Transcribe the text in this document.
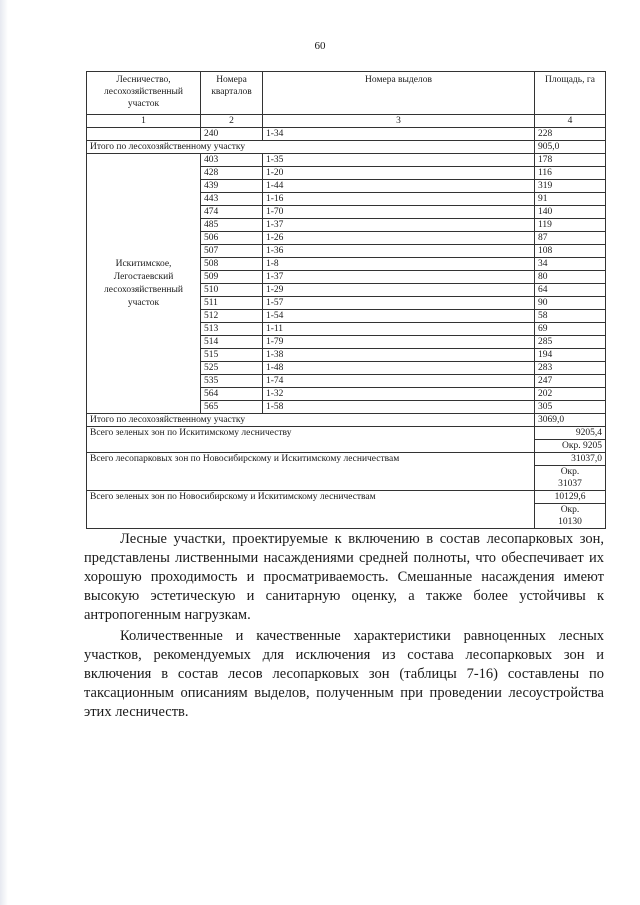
60
Лесничество, лесохозяйственный участок	Номера кварталов	Номера выделов	Площадь, га
1	2	3	4
	240	1-34	228
Итого по лесохозяйственному участку			905,0
Искитимское, Легостаевский лесохозяйственный участок	403	1-35	178
	428	1-20	116
	439	1-44	319
	443	1-16	91
	474	1-70	140
	485	1-37	119
	506	1-26	87
	507	1-36	108
	508	1-8	34
	509	1-37	80
	510	1-29	64
	511	1-57	90
	512	1-54	58
	513	1-11	69
	514	1-79	285
	515	1-38	194
	525	1-48	283
	535	1-74	247
	564	1-32	202
	565	1-58	305
Итого по лесохозяйственному участку			3069,0
Всего зеленых зон по Искитимскому лесничеству			9205,4
			Окр. 9205
Всего лесопарковых зон по Новосибирскому и Искитимскому лесничествам			31037,0
			Окр.
31037
Всего зеленых зон по Новосибирскому и Искитимскому лесничествам			10129,6
			Окр.
10130
Лесные участки, проектируемые к включению в состав лесопарковых зон, представлены лиственными насаждениями средней полноты, что обеспечивает их хорошую проходимость и просматриваемость. Смешанные насаждения имеют высокую эстетическую и санитарную оценку, а также более устойчивы к антропогенным нагрузкам.
Количественные и качественные характеристики равноценных лесных участков, рекомендуемых для исключения из состава лесопарковых зон и включения в состав лесов лесопарковых зон (таблицы 7-16) составлены по таксационным описаниям выделов, полученным при проведении лесоустройства этих лесничеств.
